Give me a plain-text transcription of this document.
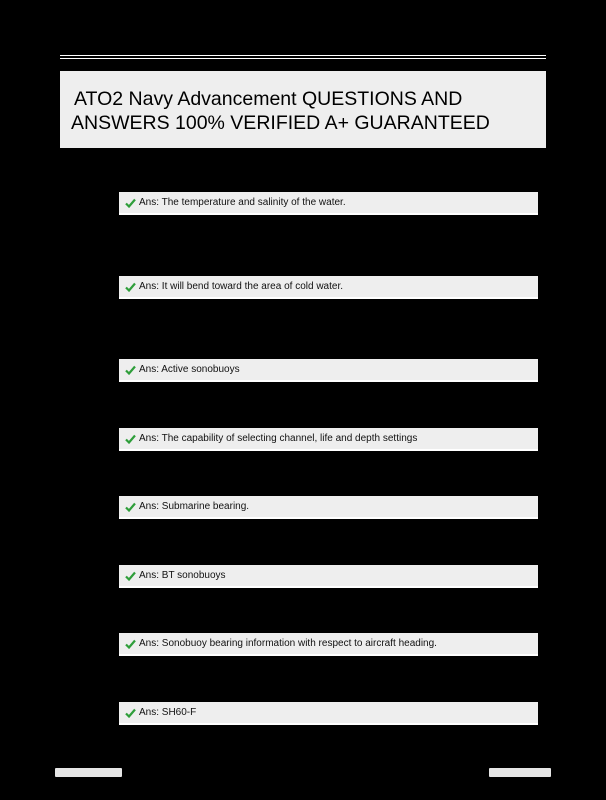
ATO2 Navy Advancement QUESTIONS AND
ANSWERS 100% VERIFIED A+ GUARANTEED
Ans: The temperature and salinity of the water.
Ans: It will bend toward the area of cold water.
Ans: Active sonobuoys
Ans: The capability of selecting channel, life and depth settings
Ans: Submarine bearing.
Ans: BT sonobuoys
Ans: Sonobuoy bearing information with respect to aircraft heading.
Ans: SH60-F
